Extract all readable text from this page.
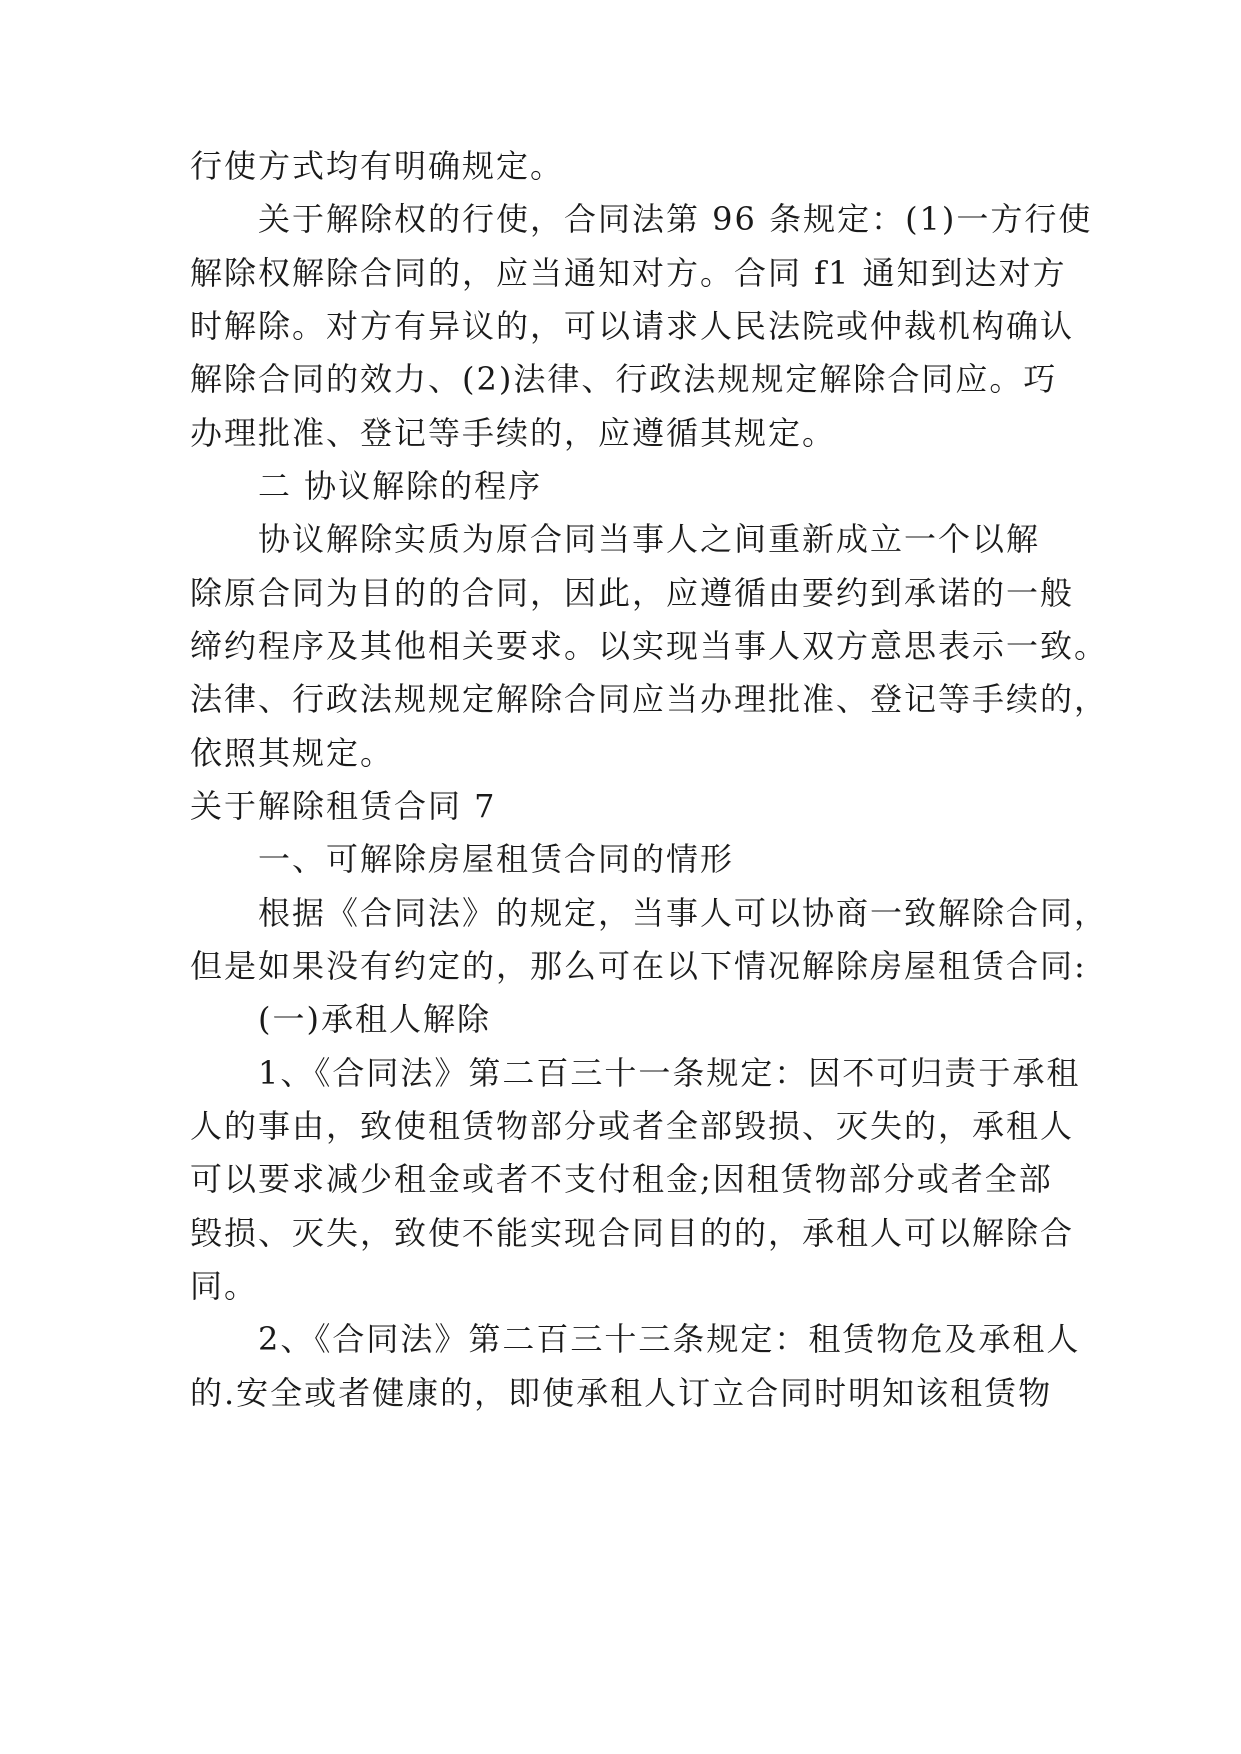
行使方式均有明确规定。
关于解除权的行使，合同法第 96 条规定：(1)一方行使
解除权解除合同的，应当通知对方。合同 f1 通知到达对方
时解除。对方有异议的，可以请求人民法院或仲裁机构确认
解除合同的效力、(2)法律、行政法规规定解除合同应。巧
办理批准、登记等手续的，应遵循其规定。
二 协议解除的程序
协议解除实质为原合同当事人之间重新成立一个以解
除原合同为目的的合同，因此，应遵循由要约到承诺的一般
缔约程序及其他相关要求。以实现当事人双方意思表示一致。
法律、行政法规规定解除合同应当办理批准、登记等手续的，
依照其规定。
关于解除租赁合同 7
一、可解除房屋租赁合同的情形
根据《合同法》的规定，当事人可以协商一致解除合同，
但是如果没有约定的，那么可在以下情况解除房屋租赁合同:
(一)承租人解除
1、《合同法》第二百三十一条规定：因不可归责于承租
人的事由，致使租赁物部分或者全部毁损、灭失的，承租人
可以要求减少租金或者不支付租金;因租赁物部分或者全部
毁损、灭失，致使不能实现合同目的的，承租人可以解除合
同。
2、《合同法》第二百三十三条规定：租赁物危及承租人
的.安全或者健康的，即使承租人订立合同时明知该租赁物
